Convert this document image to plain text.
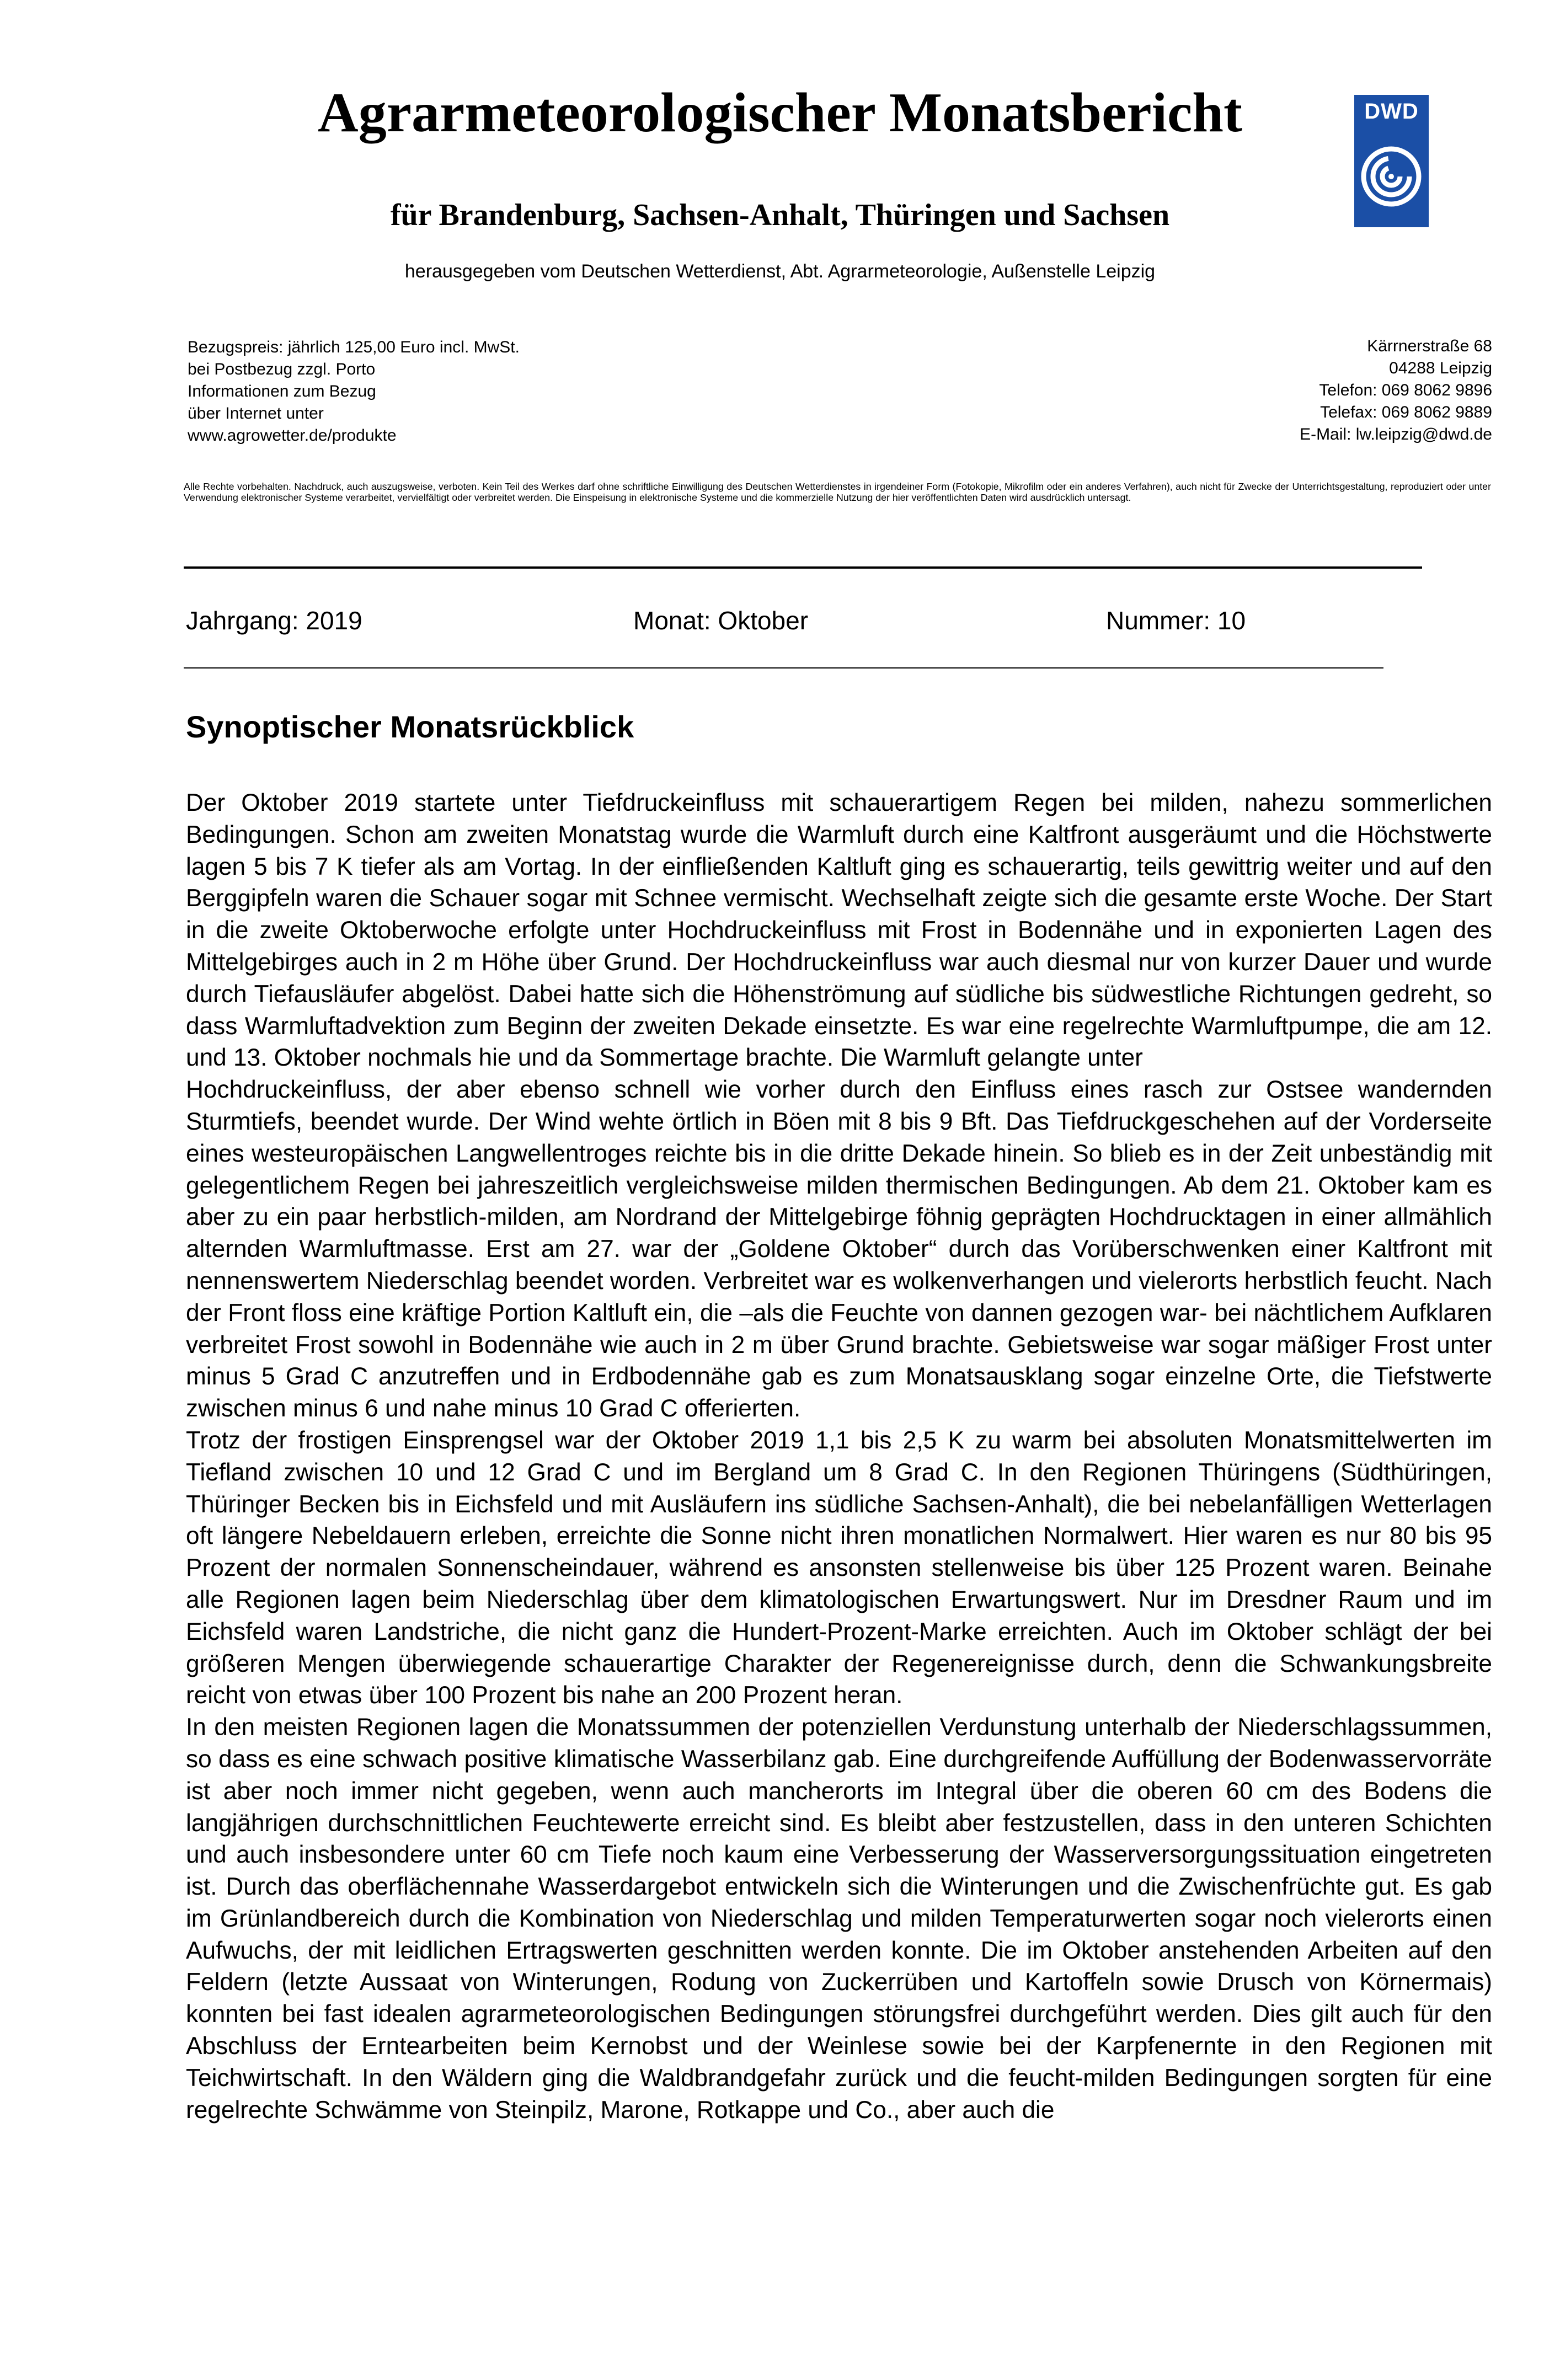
Agrarmeteorologischer Monatsbericht	DWD
für Brandenburg, Sachsen-Anhalt, Thüringen und Sachsen
herausgegeben vom Deutschen Wetterdienst, Abt. Agrarmeteorologie, Außenstelle Leipzig
Bezugspreis: jährlich 125,00 Euro incl. MwSt.
bei Postbezug zzgl. Porto
Informationen zum Bezug
über Internet unter
www.agrowetter.de/produkte
Kärrnerstraße 68
04288 Leipzig
Telefon: 069 8062 9896
Telefax: 069 8062 9889
E-Mail: lw.leipzig@dwd.de
Alle Rechte vorbehalten. Nachdruck, auch auszugsweise, verboten. Kein Teil des Werkes darf ohne schriftliche Einwilligung des Deutschen Wetterdienstes in irgendeiner Form (Fotokopie, Mikrofilm oder ein anderes Verfahren), auch nicht für Zwecke der Unterrichtsgestaltung, reproduziert oder unter Verwendung elektronischer Systeme verarbeitet, vervielfältigt oder verbreitet werden. Die Einspeisung in elektronische Systeme und die kommerzielle Nutzung der hier veröffentlichten Daten wird ausdrücklich untersagt.
Jahrgang: 2019	Monat: Oktober	Nummer: 10
Synoptischer Monatsrückblick

Der Oktober 2019 startete unter Tiefdruckeinfluss mit schauerartigem Regen bei milden, nahezu sommerlichen Bedingungen. Schon am zweiten Monatstag wurde die Warmluft durch eine Kaltfront ausgeräumt und die Höchstwerte lagen 5 bis 7 K tiefer als am Vortag. In der einfließenden Kaltluft ging es schauerartig, teils gewittrig weiter und auf den Berggipfeln waren die Schauer sogar mit Schnee vermischt. Wechselhaft zeigte sich die gesamte erste Woche. Der Start in die zweite Oktoberwoche erfolgte unter Hochdruckeinfluss mit Frost in Bodennähe und in exponierten Lagen des Mittelgebirges auch in 2 m Höhe über Grund. Der Hochdruckeinfluss war auch diesmal nur von kurzer Dauer und wurde durch Tiefausläufer abgelöst. Dabei hatte sich die Höhenströmung auf südliche bis südwestliche Richtungen gedreht, so dass Warmluftadvektion zum Beginn der zweiten Dekade einsetzte. Es war eine regelrechte Warmluftpumpe, die am 12. und 13. Oktober nochmals hie und da Sommertage brachte. Die Warmluft gelangte unter

Hochdruckeinfluss, der aber ebenso schnell wie vorher durch den Einfluss eines rasch zur Ostsee wandernden Sturmtiefs, beendet wurde. Der Wind wehte örtlich in Böen mit 8 bis 9 Bft. Das Tiefdruckgeschehen auf der Vorderseite eines westeuropäischen Langwellentroges reichte bis in die dritte Dekade hinein. So blieb es in der Zeit unbeständig mit gelegentlichem Regen bei jahreszeitlich vergleichsweise milden thermischen Bedingungen. Ab dem 21. Oktober kam es aber zu ein paar herbstlich-milden, am Nordrand der Mittelgebirge föhnig geprägten Hochdrucktagen in einer allmählich alternden Warmluftmasse. Erst am 27. war der „Goldene Oktober“ durch das Vorüberschwenken einer Kaltfront mit nennenswertem Niederschlag beendet worden. Verbreitet war es wolkenverhangen und vielerorts herbstlich feucht. Nach der Front floss eine kräftige Portion Kaltluft ein, die –als die Feuchte von dannen gezogen war- bei nächtlichem Aufklaren verbreitet Frost sowohl in Bodennähe wie auch in 2 m über Grund brachte. Gebietsweise war sogar mäßiger Frost unter minus 5 Grad C anzutreffen und in Erdbodennähe gab es zum Monatsausklang sogar einzelne Orte, die Tiefstwerte zwischen minus 6 und nahe minus 10 Grad C offerierten.

Trotz der frostigen Einsprengsel war der Oktober 2019 1,1 bis 2,5 K zu warm bei absoluten Monatsmittelwerten im Tiefland zwischen 10 und 12 Grad C und im Bergland um 8 Grad C. In den Regionen Thüringens (Südthüringen, Thüringer Becken bis in Eichsfeld und mit Ausläufern ins südliche Sachsen-Anhalt), die bei nebelanfälligen Wetterlagen oft längere Nebeldauern erleben, erreichte die Sonne nicht ihren monatlichen Normalwert. Hier waren es nur 80 bis 95 Prozent der normalen Sonnenscheindauer, während es ansonsten stellenweise bis über 125 Prozent waren. Beinahe alle Regionen lagen beim Niederschlag über dem klimatologischen Erwartungswert. Nur im Dresdner Raum und im Eichsfeld waren Landstriche, die nicht ganz die Hundert-Prozent-Marke erreichten. Auch im Oktober schlägt der bei größeren Mengen überwiegende schauerartige Charakter der Regenereignisse durch, denn die Schwankungsbreite reicht von etwas über 100 Prozent bis nahe an 200 Prozent heran.

In den meisten Regionen lagen die Monatssummen der potenziellen Verdunstung unterhalb der Niederschlagssummen, so dass es eine schwach positive klimatische Wasserbilanz gab. Eine durchgreifende Auffüllung der Bodenwasservorräte ist aber noch immer nicht gegeben, wenn auch mancherorts im Integral über die oberen 60 cm des Bodens die langjährigen durchschnittlichen Feuchtewerte erreicht sind. Es bleibt aber festzustellen, dass in den unteren Schichten und auch insbesondere unter 60 cm Tiefe noch kaum eine Verbesserung der Wasserversorgungssituation eingetreten ist. Durch das oberflächennahe Wasserdargebot entwickeln sich die Winterungen und die Zwischenfrüchte gut. Es gab im Grünlandbereich durch die Kombination von Niederschlag und milden Temperaturwerten sogar noch vielerorts einen Aufwuchs, der mit leidlichen Ertragswerten geschnitten werden konnte. Die im Oktober anstehenden Arbeiten auf den Feldern (letzte Aussaat von Winterungen, Rodung von Zuckerrüben und Kartoffeln sowie Drusch von Körnermais) konnten bei fast idealen agrarmeteorologischen Bedingungen störungsfrei durchgeführt werden. Dies gilt auch für den Abschluss der Erntearbeiten beim Kernobst und der Weinlese sowie bei der Karpfenernte in den Regionen mit Teichwirtschaft. In den Wäldern ging die Waldbrandgefahr zurück und die feucht-milden Bedingungen sorgten für eine regelrechte Schwämme von Steinpilz, Marone, Rotkappe und Co., aber auch die
